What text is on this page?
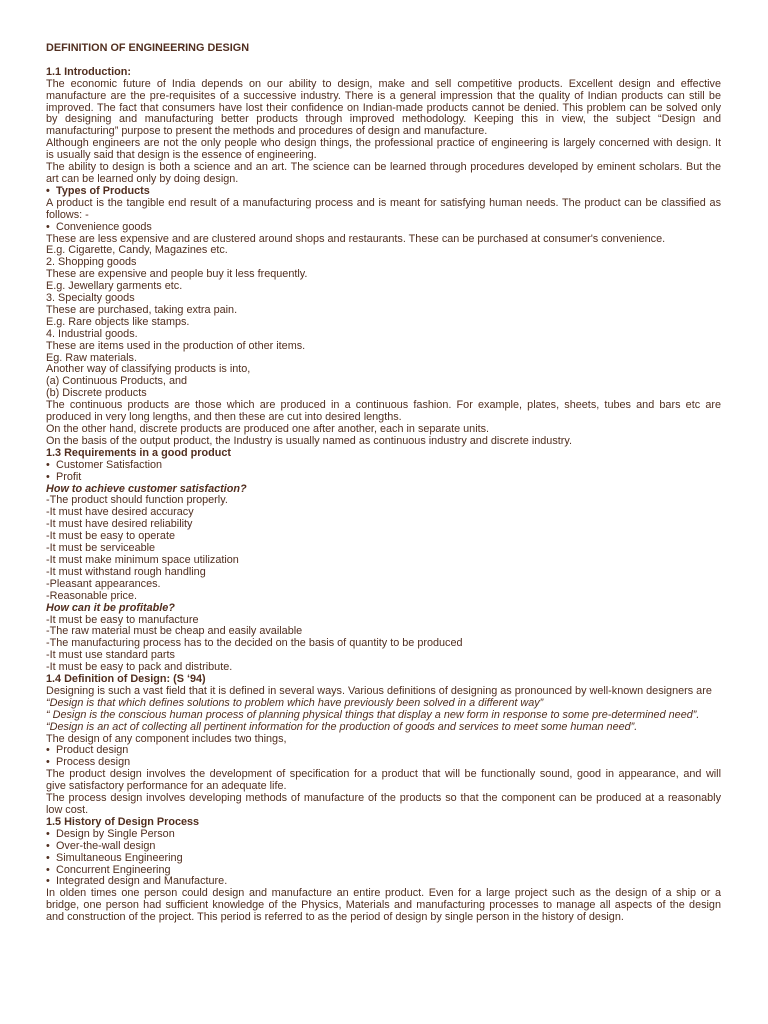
DEFINITION OF ENGINEERING DESIGN
1.1 Introduction:
The economic future of India depends on our ability to design, make and sell competitive products. Excellent design and effective
manufacture are the pre-requisites of a successive industry. There is a general impression that the quality of Indian products can still be
improved. The fact that consumers have lost their confidence on Indian-made products cannot be denied. This problem can be solved only
by designing and manufacturing better products through improved methodology. Keeping this in view, the subject “Design and
manufacturing” purpose to present the methods and procedures of design and manufacture.
Although engineers are not the only people who design things, the professional practice of engineering is largely concerned with design. It
is usually said that design is the essence of engineering.
The ability to design is both a science and an art. The science can be learned through procedures developed by eminent scholars. But the
art can be learned only by doing design.
• Types of Products
A product is the tangible end result of a manufacturing process and is meant for satisfying human needs. The product can be classified as
follows: -
• Convenience goods
These are less expensive and are clustered around shops and restaurants. These can be purchased at consumer's convenience.
E.g. Cigarette, Candy, Magazines etc.
2. Shopping goods
These are expensive and people buy it less frequently.
E.g. Jewellary garments etc.
3. Specialty goods
These are purchased, taking extra pain.
E.g. Rare objects like stamps.
4. Industrial goods.
These are items used in the production of other items.
Eg. Raw materials.
Another way of classifying products is into,
(a) Continuous Products, and
(b) Discrete products
The continuous products are those which are produced in a continuous fashion. For example, plates, sheets, tubes and bars etc are
produced in very long lengths, and then these are cut into desired lengths.
On the other hand, discrete products are produced one after another, each in separate units.
On the basis of the output product, the Industry is usually named as continuous industry and discrete industry.
1.3 Requirements in a good product
• Customer Satisfaction
• Profit
How to achieve customer satisfaction?
-The product should function properly.
-It must have desired accuracy
-It must have desired reliability
-It must be easy to operate
-It must be serviceable
-It must make minimum space utilization
-It must withstand rough handling
-Pleasant appearances.
-Reasonable price.
How can it be profitable?
-It must be easy to manufacture
-The raw material must be cheap and easily available
-The manufacturing process has to the decided on the basis of quantity to be produced
-It must use standard parts
-It must be easy to pack and distribute.
1.4 Definition of Design: (S ‘94)
Designing is such a vast field that it is defined in several ways. Various definitions of designing as pronounced by well-known designers are
“Design is that which defines solutions to problem which have previously been solved in a different way”
“ Design is the conscious human process of planning physical things that display a new form in response to some pre-determined need”.
“Design is an act of collecting all pertinent information for the production of goods and services to meet some human need”.
The design of any component includes two things,
• Product design
• Process design
The product design involves the development of specification for a product that will be functionally sound, good in appearance, and will
give satisfactory performance for an adequate life.
The process design involves developing methods of manufacture of the products so that the component can be produced at a reasonably
low cost.
1.5 History of Design Process
• Design by Single Person
• Over-the-wall design
• Simultaneous Engineering
• Concurrent Engineering
• Integrated design and Manufacture.
In olden times one person could design and manufacture an entire product. Even for a large project such as the design of a ship or a
bridge, one person had sufficient knowledge of the Physics, Materials and manufacturing processes to manage all aspects of the design
and construction of the project. This period is referred to as the period of design by single person in the history of design.
